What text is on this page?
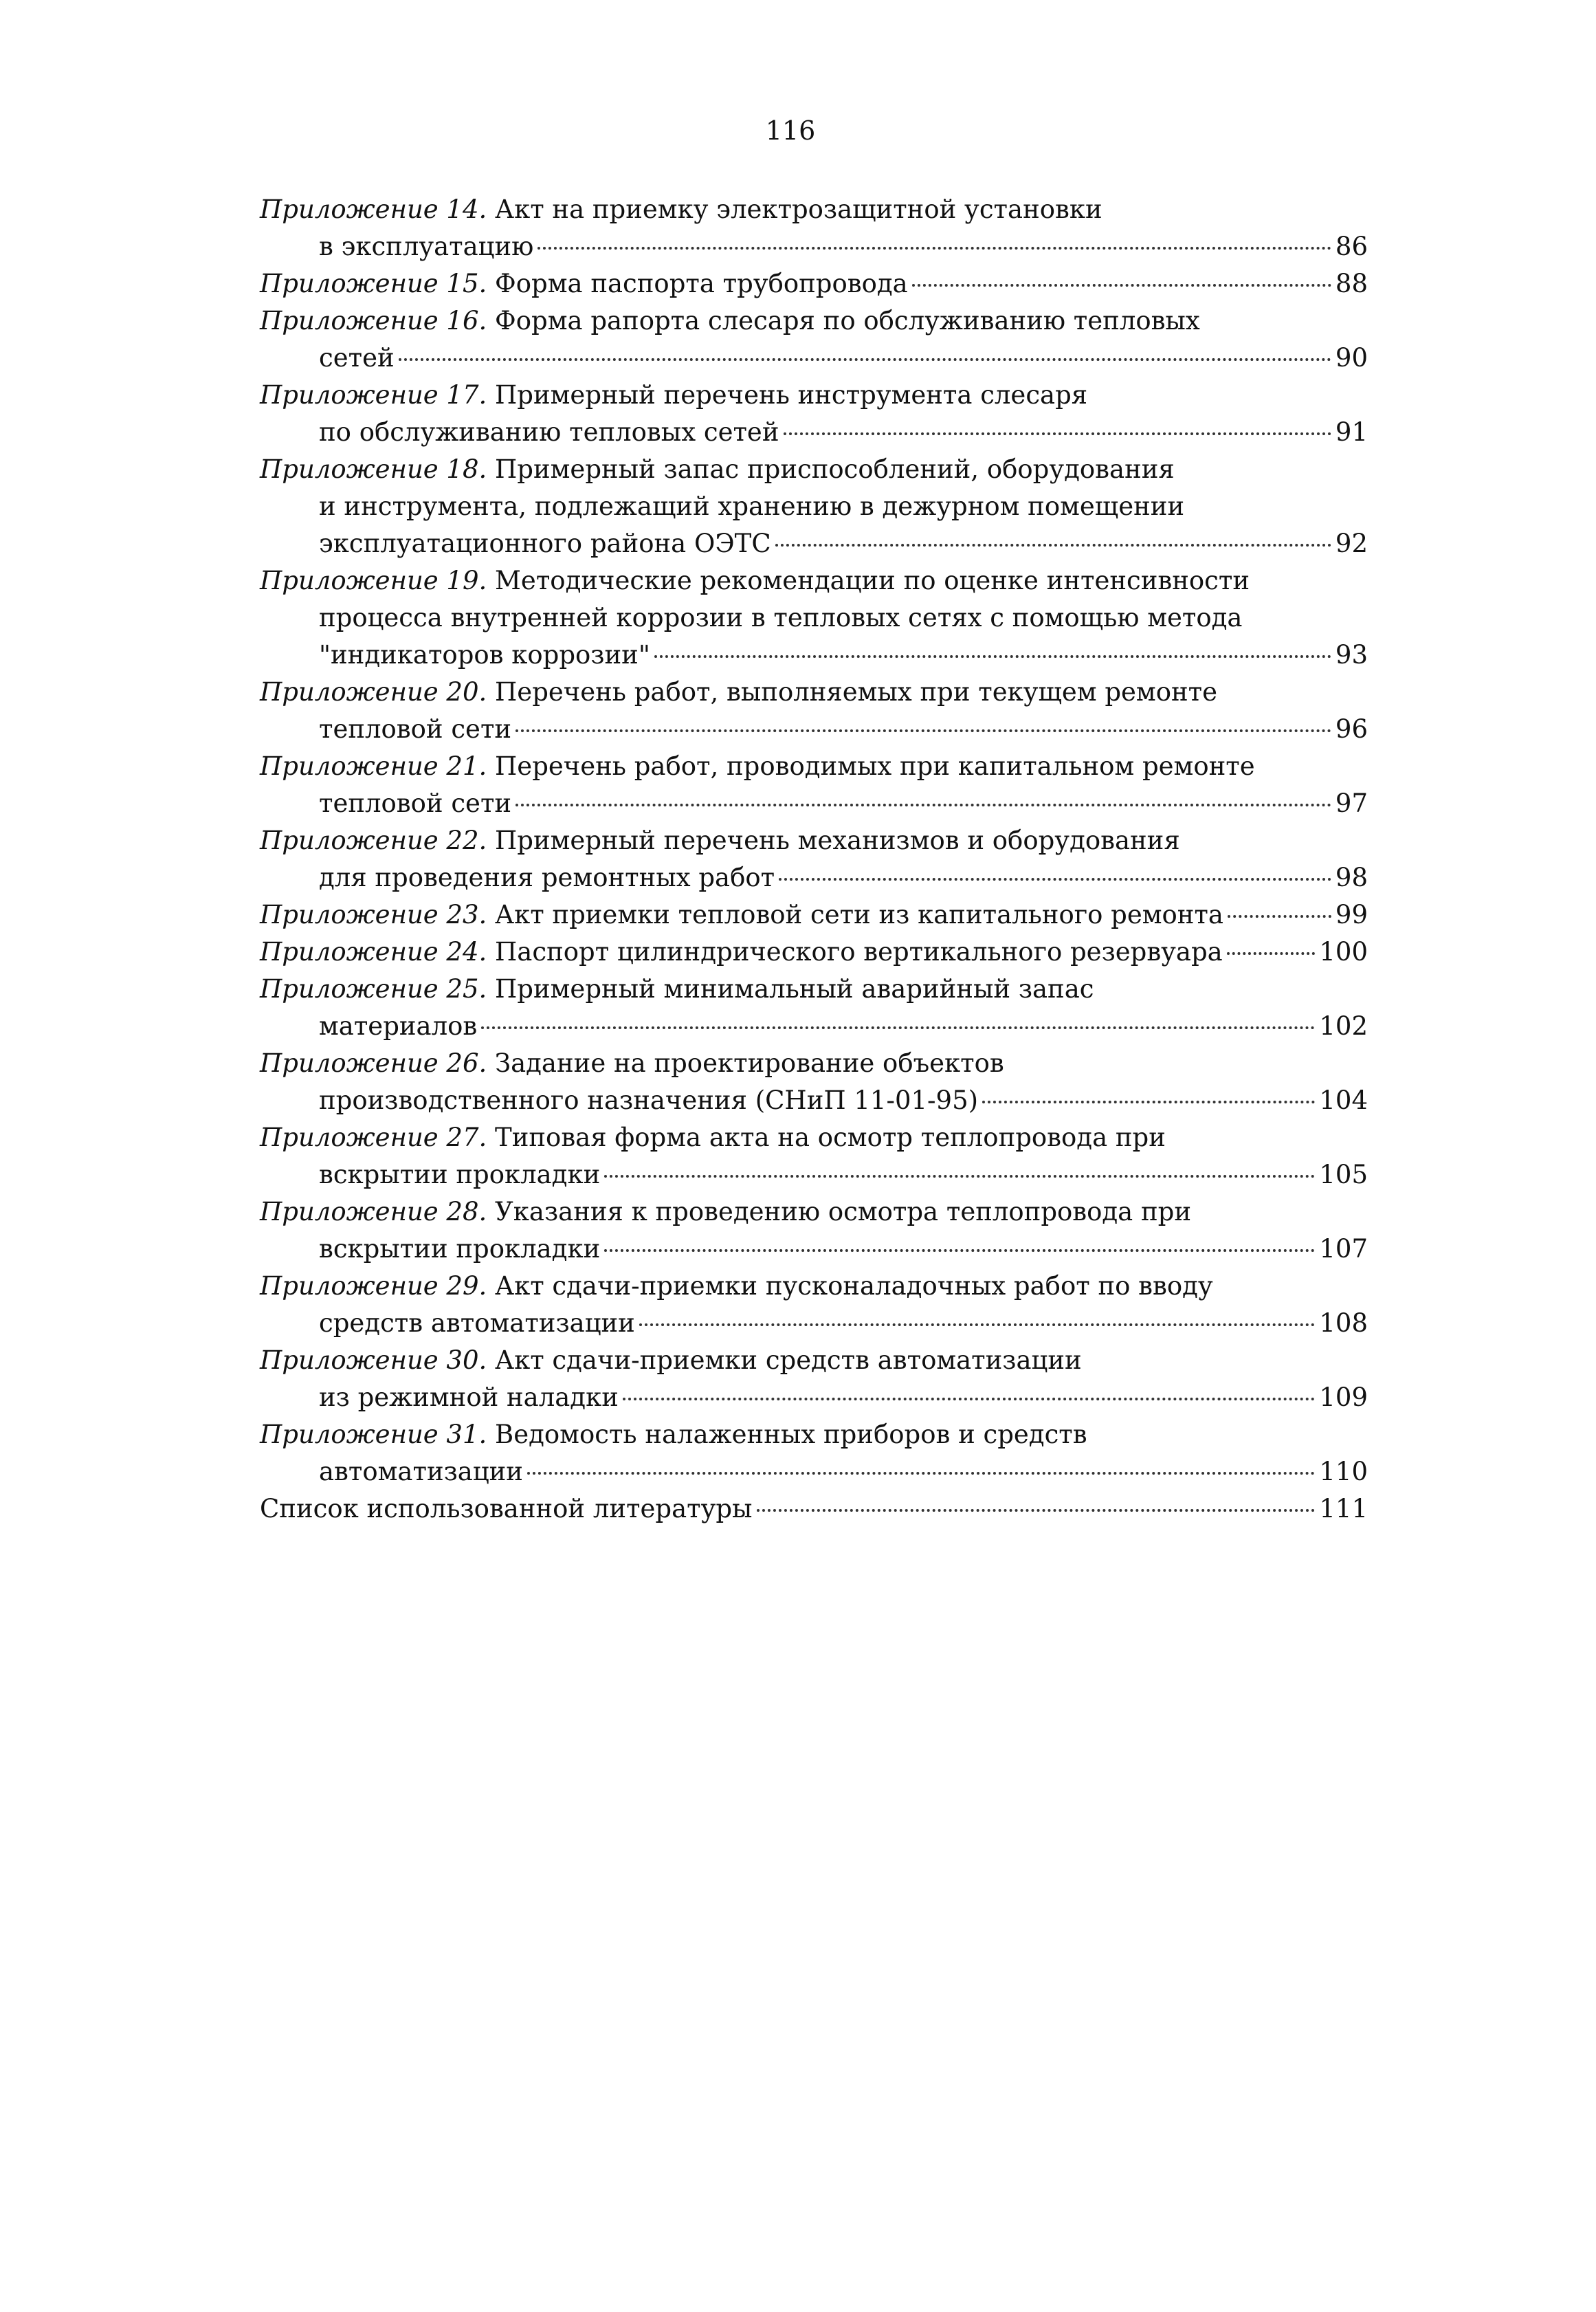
116
Приложение 14. Акт на приемку электрозащитной установки
в эксплуатацию	86
Приложение 15. Форма паспорта трубопровода	88
Приложение 16. Форма рапорта слесаря по обслуживанию тепловых
сетей	90
Приложение 17. Примерный перечень инструмента слесаря
по обслуживанию тепловых сетей	91
Приложение 18. Примерный запас приспособлений, оборудования
и инструмента, подлежащий хранению в дежурном помещении
эксплуатационного района ОЭТС	92
Приложение 19. Методические рекомендации по оценке интенсивности
процесса внутренней коррозии в тепловых сетях с помощью метода
"индикаторов коррозии"	93
Приложение 20. Перечень работ, выполняемых при текущем ремонте
тепловой сети	96
Приложение 21. Перечень работ, проводимых при капитальном ремонте
тепловой сети	97
Приложение 22. Примерный перечень механизмов и оборудования
для проведения ремонтных работ	98
Приложение 23. Акт приемки тепловой сети из капитального ремонта	99
Приложение 24. Паспорт цилиндрического вертикального резервуара	100
Приложение 25. Примерный минимальный аварийный запас
материалов	102
Приложение 26. Задание на проектирование объектов
производственного назначения (СНиП 11-01-95)	104
Приложение 27. Типовая форма акта на осмотр теплопровода при
вскрытии прокладки	105
Приложение 28. Указания к проведению осмотра теплопровода при
вскрытии прокладки	107
Приложение 29. Акт сдачи-приемки пусконаладочных работ по вводу
средств автоматизации	108
Приложение 30. Акт сдачи-приемки средств автоматизации
из режимной наладки	109
Приложение 31. Ведомость налаженных приборов и средств
автоматизации	110
Список использованной литературы	111
